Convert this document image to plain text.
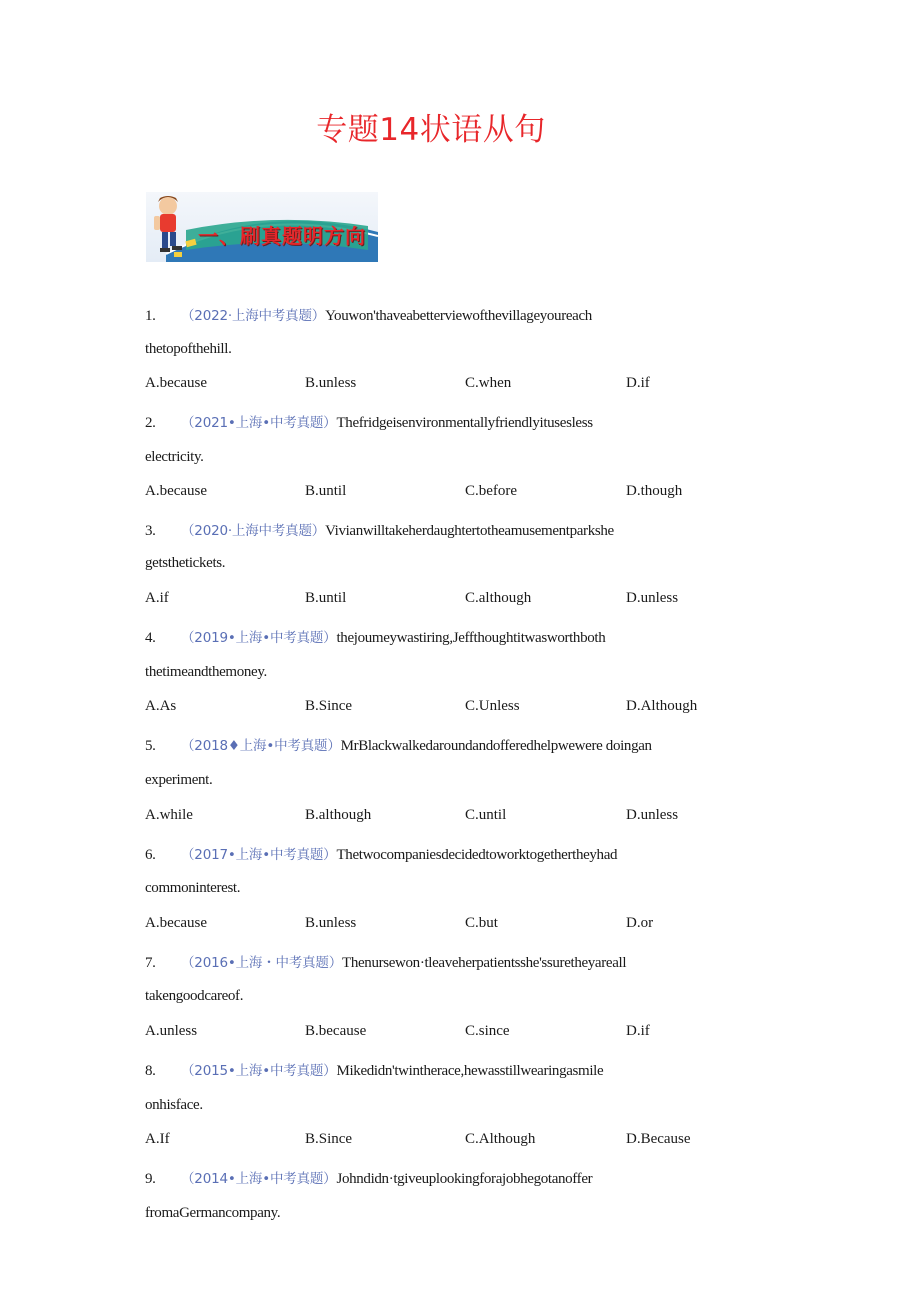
专题14状语从句
一、刷真题明方向
1. （2022·上海中考真题）Youwon'thaveabetterviewofthevillageyoureach
thetopofthehill.
A.because	B.unless	C.when	D.if
2. （2021•上海•中考真题）Thefridgeisenvironmentallyfriendlyitusesless
electricity.
A.because	B.until	C.before	D.though
3. （2020·上海中考真题）Vivianwilltakeherdaughtertotheamusementparkshe
getsthetickets.
A.if	B.until	C.although	D.unless
4. （2019•上海•中考真题）thejoumeywastiring,Jeffthoughtitwasworthboth
thetimeandthemoney.
A.As	B.Since	C.Unless	D.Although
5. （2018♦上海•中考真题）MrBlackwalkedaroundandofferedhelpwewere doingan
experiment.
A.while	B.although	C.until	D.unless
6. （2017•上海•中考真题）Thetwocompaniesdecidedtoworktogethertheyhad
commoninterest.
A.because	B.unless	C.but	D.or
7. （2016•上海・中考真题）Thenursewon·tleaveherpatientsshe'ssuretheyareall
takengoodcareof.
A.unless	B.because	C.since	D.if
8. （2015•上海•中考真题）Mikedidn'twintherace,hewasstillwearingasmile
onhisface.
A.If	B.Since	C.Although	D.Because
9. （2014•上海•中考真题）Johndidn·tgiveuplookingforajobhegotanoffer
fromaGermancompany.
